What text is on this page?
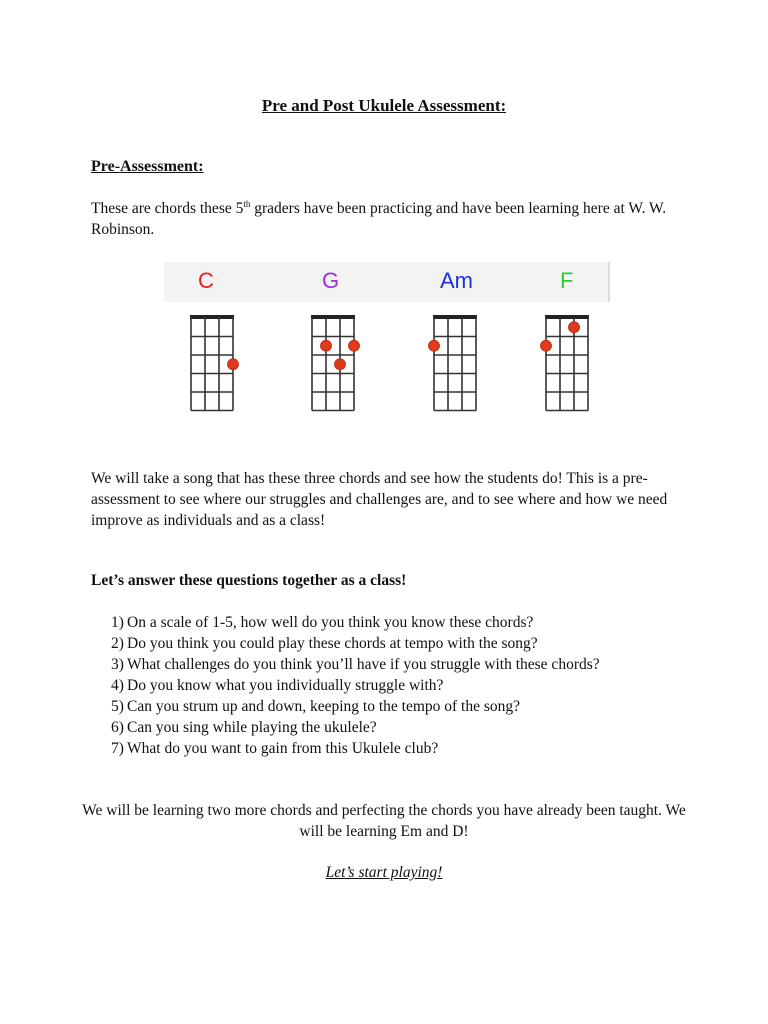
Pre and Post Ukulele Assessment:
Pre-Assessment:
These are chords these 5th graders have been practicing and have been learning here at W. W. Robinson.
C	G	Am	F
We will take a song that has these three chords and see how the students do! This is a pre-assessment to see where our struggles and challenges are, and to see where and how we need improve as individuals and as a class!
Let’s answer these questions together as a class!
1) On a scale of 1-5, how well do you think you know these chords?
2) Do you think you could play these chords at tempo with the song?
3) What challenges do you think you’ll have if you struggle with these chords?
4) Do you know what you individually struggle with?
5) Can you strum up and down, keeping to the tempo of the song?
6) Can you sing while playing the ukulele?
7) What do you want to gain from this Ukulele club?
We will be learning two more chords and perfecting the chords you have already been taught. We will be learning Em and D!
Let’s start playing!
